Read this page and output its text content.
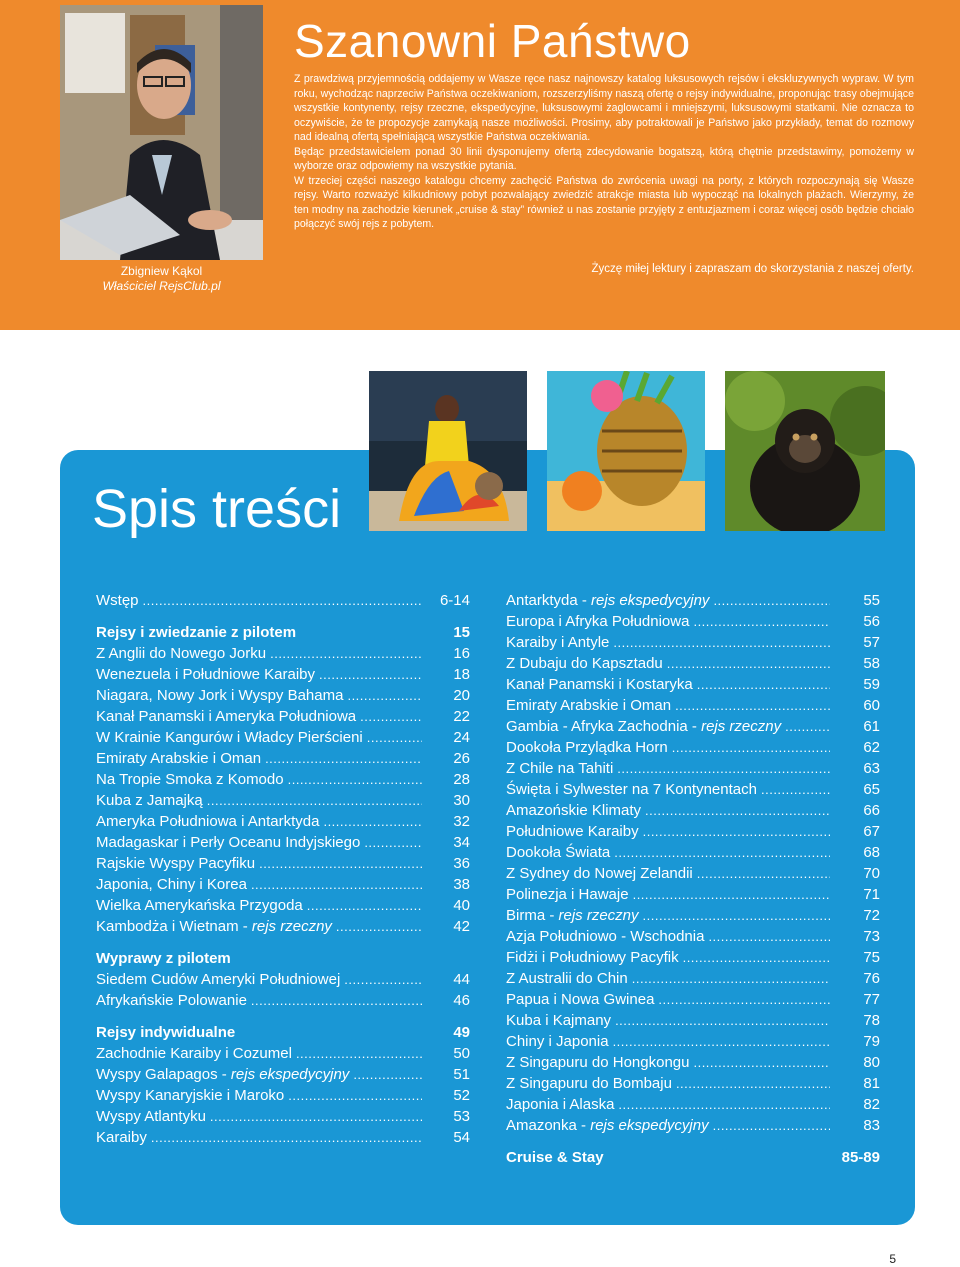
Zbigniew Kąkol
Właściciel RejsClub.pl
Szanowni Państwo

Z prawdziwą przyjemnością oddajemy w Wasze ręce nasz najnowszy katalog luksusowych rejsów i ekskluzywnych wypraw. W tym roku, wychodząc naprzeciw Państwa oczekiwaniom, rozszerzyliśmy naszą ofertę o rejsy indywidualne, proponując trasy obejmujące wszystkie kontynenty, rejsy rzeczne, ekspedycyjne, luksusowymi żaglowcami i mniejszymi, luksusowymi statkami. Nie oznacza to oczywiście, że te propozycje zamykają nasze możliwości. Prosimy, aby potraktowali je Państwo jako przykłady, temat do rozmowy nad idealną ofertą spełniającą wszystkie Państwa oczekiwania.

Będąc przedstawicielem ponad 30 linii dysponujemy ofertą zdecydowanie bogatszą, którą chętnie przedstawimy, pomożemy w wyborze oraz odpowiemy na wszystkie pytania.

W trzeciej części naszego katalogu chcemy zachęcić Państwa do zwrócenia uwagi na porty, z których rozpoczynają się Wasze rejsy. Warto rozważyć kilkudniowy pobyt pozwalający zwiedzić atrakcje miasta lub wypocząć na lokalnych plażach. Wierzymy, że ten modny na zachodzie kierunek „cruise & stay” również u nas zostanie przyjęty z entuzjazmem i coraz więcej osób będzie chciało połączyć swój rejs z pobytem.

Życzę miłej lektury i zapraszam do skorzystania z naszej oferty.
Spis treści
Wstęp .....	6-14
Rejsy i zwiedzanie z pilotem	15
Z Anglii do Nowego Jorku .....	16
Wenezuela i Południowe Karaiby .....	18
Niagara, Nowy Jork i Wyspy Bahama .....	20
Kanał Panamski i Ameryka Południowa .....	22
W Krainie Kangurów i Władcy Pierścieni .....	24
Emiraty Arabskie i Oman .....	26
Na Tropie Smoka z Komodo .....	28
Kuba z Jamajką .....	30
Ameryka Południowa i Antarktyda .....	32
Madagaskar i Perły Oceanu Indyjskiego .....	34
Rajskie Wyspy Pacyfiku .....	36
Japonia, Chiny i Korea .....	38
Wielka Amerykańska Przygoda .....	40
Kambodża i Wietnam - rejs rzeczny .....	42
Wyprawy z pilotem
Siedem Cudów Ameryki Południowej .....	44
Afrykańskie Polowanie .....	46
Rejsy indywidualne	49
Zachodnie Karaiby i Cozumel .....	50
Wyspy Galapagos - rejs ekspedycyjny .....	51
Wyspy Kanaryjskie i Maroko .....	52
Wyspy Atlantyku .....	53
Karaiby .....	54
Antarktyda - rejs ekspedycyjny .....	55
Europa i Afryka Południowa .....	56
Karaiby i Antyle .....	57
Z Dubaju do Kapsztadu .....	58
Kanał Panamski i Kostaryka .....	59
Emiraty Arabskie i Oman .....	60
Gambia - Afryka Zachodnia - rejs rzeczny .....	61
Dookoła Przylądka Horn .....	62
Z Chile na Tahiti .....	63
Święta i Sylwester na 7 Kontynentach .....	65
Amazońskie Klimaty .....	66
Południowe Karaiby .....	67
Dookoła Świata .....	68
Z Sydney do Nowej Zelandii .....	70
Polinezja i Hawaje .....	71
Birma - rejs rzeczny .....	72
Azja Południowo - Wschodnia .....	73
Fidżi i Południowy Pacyfik .....	75
Z Australii do Chin .....	76
Papua i Nowa Gwinea .....	77
Kuba i Kajmany .....	78
Chiny i Japonia .....	79
Z Singapuru do Hongkongu .....	80
Z Singapuru do Bombaju .....	81
Japonia i Alaska .....	82
Amazonka - rejs ekspedycyjny .....	83
Cruise & Stay	85-89
5
